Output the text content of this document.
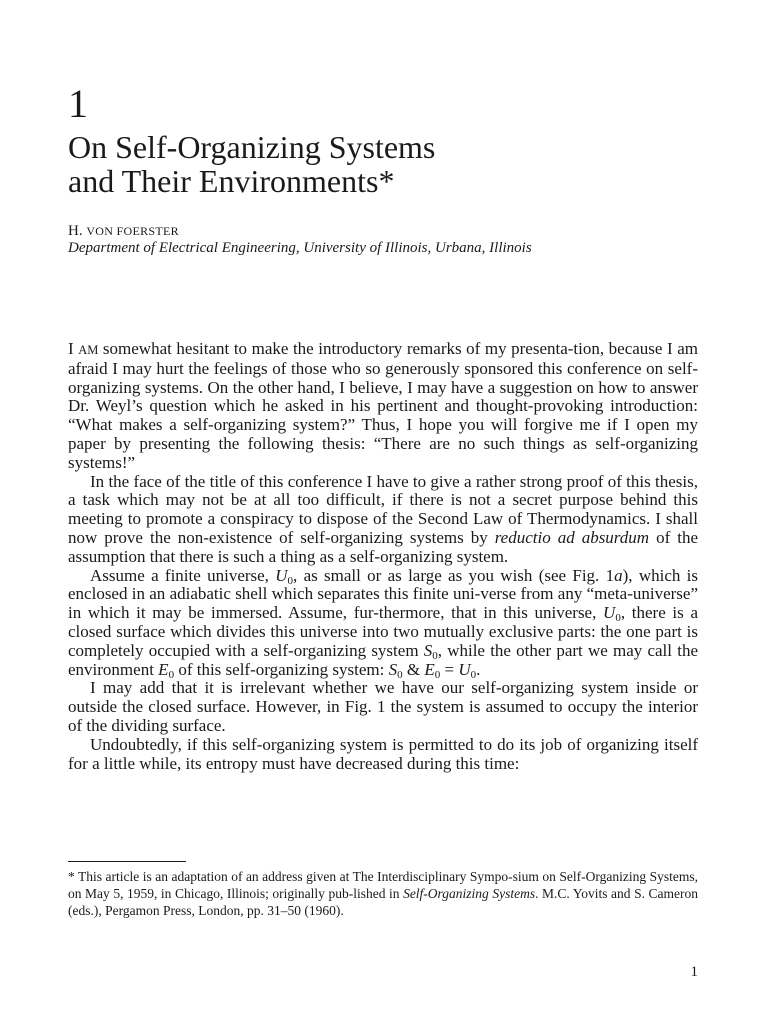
1
On Self-Organizing Systems
and Their Environments*
H. VON FOERSTER
Department of Electrical Engineering, University of Illinois, Urbana, Illinois

I AM somewhat hesitant to make the introductory remarks of my presenta-tion, because I am afraid I may hurt the feelings of those who so generously sponsored this conference on self-organizing systems. On the other hand, I believe, I may have a suggestion on how to answer Dr. Weyl’s question which he asked in his pertinent and thought-provoking introduction: “What makes a self-organizing system?” Thus, I hope you will forgive me if I open my paper by presenting the following thesis: “There are no such things as self-organizing systems!”

In the face of the title of this conference I have to give a rather strong proof of this thesis, a task which may not be at all too difficult, if there is not a secret purpose behind this meeting to promote a conspiracy to dispose of the Second Law of Thermodynamics. I shall now prove the non-existence of self-organizing systems by reductio ad absurdum of the assumption that there is such a thing as a self-organizing system.

Assume a finite universe, $U_0$, as small or as large as you wish (see Fig. 1a), which is enclosed in an adiabatic shell which separates this finite uni-verse from any “meta-universe” in which it may be immersed. Assume, fur-thermore, that in this universe, $U_0$, there is a closed surface which divides this universe into two mutually exclusive parts: the one part is completely occupied with a self-organizing system $S_0$, while the other part we may call the environment $E_0$ of this self-organizing system: $S_0$ & $E_0 = U_0$.

I may add that it is irrelevant whether we have our self-organizing system inside or outside the closed surface. However, in Fig. 1 the system is assumed to occupy the interior of the dividing surface.

Undoubtedly, if this self-organizing system is permitted to do its job of organizing itself for a little while, its entropy must have decreased during this time:

* This article is an adaptation of an address given at The Interdisciplinary Sympo-sium on Self-Organizing Systems, on May 5, 1959, in Chicago, Illinois; originally pub-lished in Self-Organizing Systems. M.C. Yovits and S. Cameron (eds.), Pergamon Press, London, pp. 31–50 (1960).
1
